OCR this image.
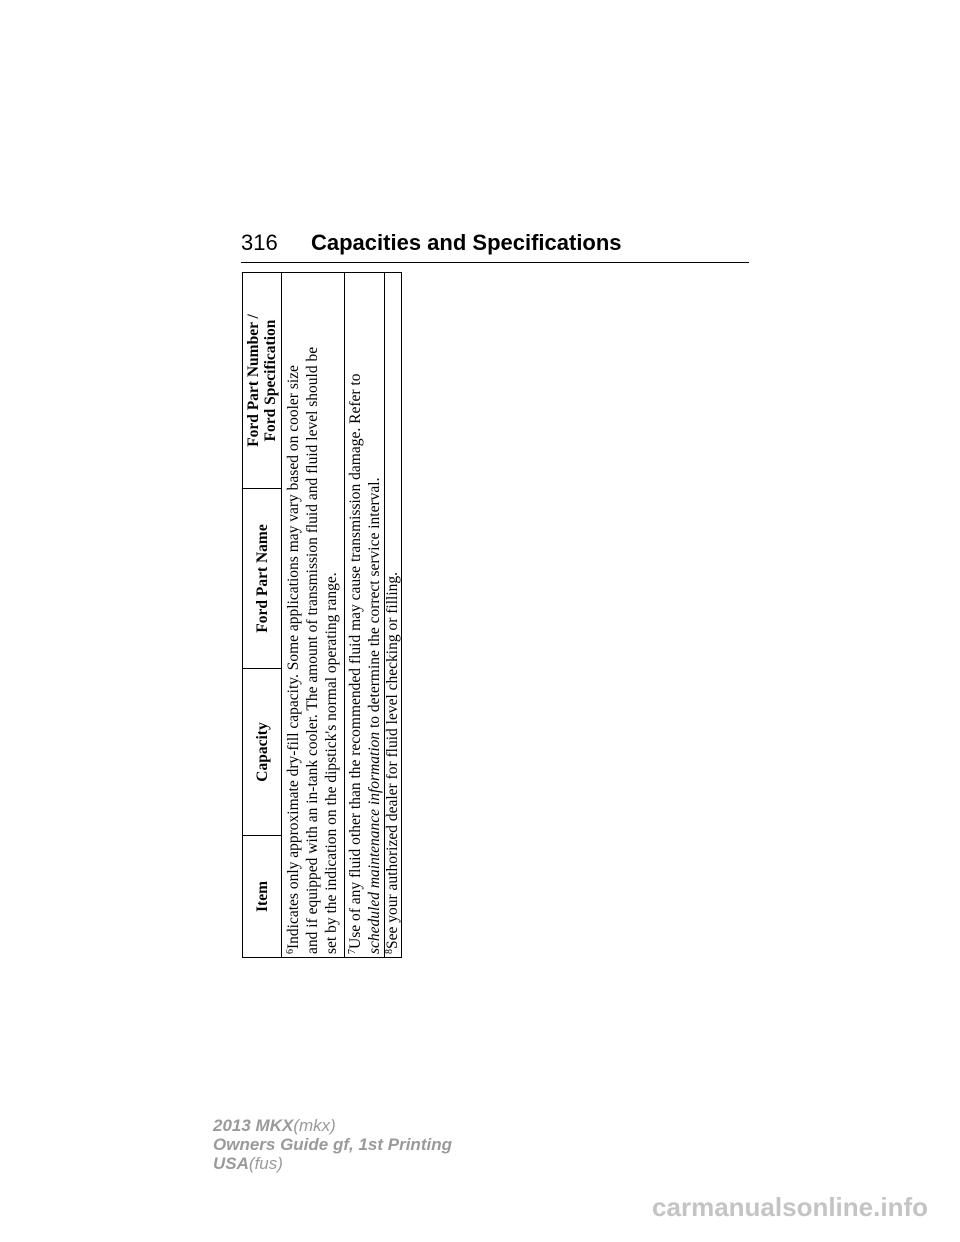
316 Capacities and Specifications
Item
Capacity
Ford Part Name
Ford Part Number / Ford Specification
$^6$Indicates only approximate dry-fill capacity. Some applications may vary based on cooler size and if equipped with an in-tank cooler. The amount of transmission fluid and fluid level should be set by the indication on the dipstick's normal operating range. $^7$Use of any fluid other than the recommended fluid may cause transmission damage. Refer to scheduled maintenance information to determine the correct service interval.
$^8$See your authorized dealer for fluid level checking or filling.
2013 MKX(mkx)
Owners Guide gf, 1st Printing
USA(fus)
carmanualsonline.info
